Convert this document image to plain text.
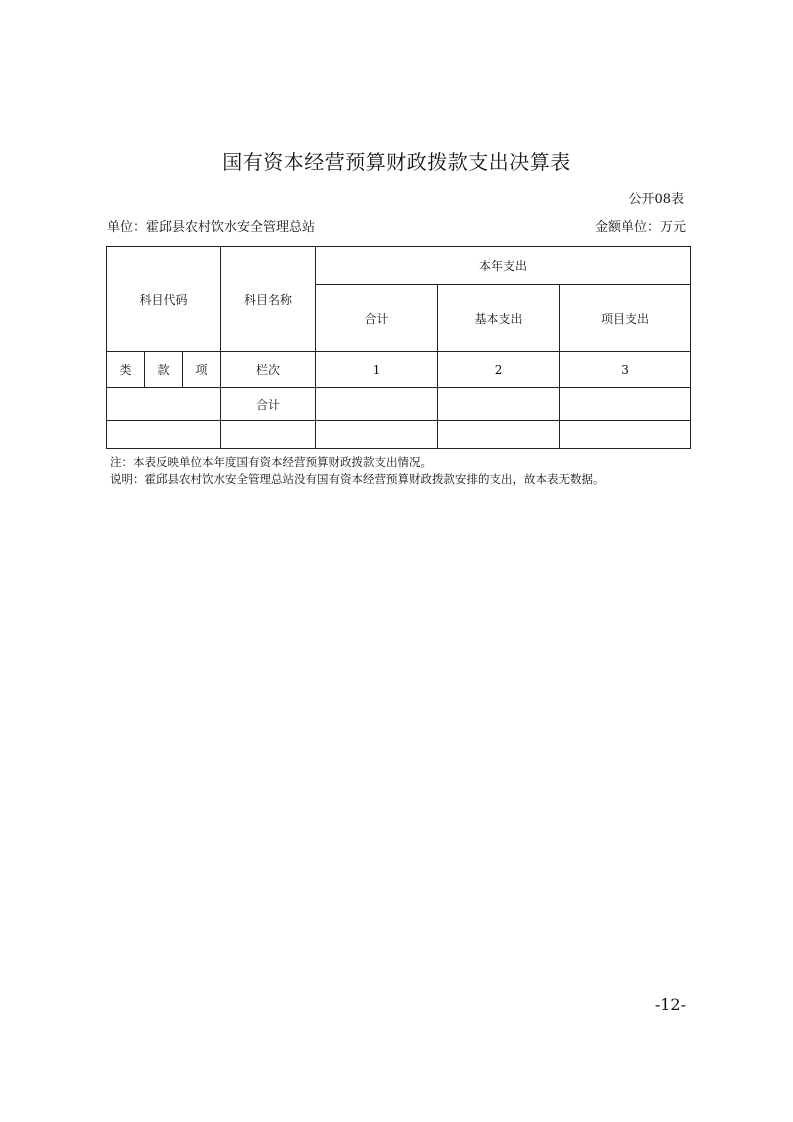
国有资本经营预算财政拨款支出决算表
公开08表
单位：霍邱县农村饮水安全管理总站	金额单位：万元
科目代码			科目名称	本年支出		
				合计	基本支出	项目支出
类	款	项	栏次	1	2	3
			合计			

注：本表反映单位本年度国有资本经营预算财政拨款支出情况。
说明：霍邱县农村饮水安全管理总站没有国有资本经营预算财政拨款安排的支出，故本表无数据。
-12-
